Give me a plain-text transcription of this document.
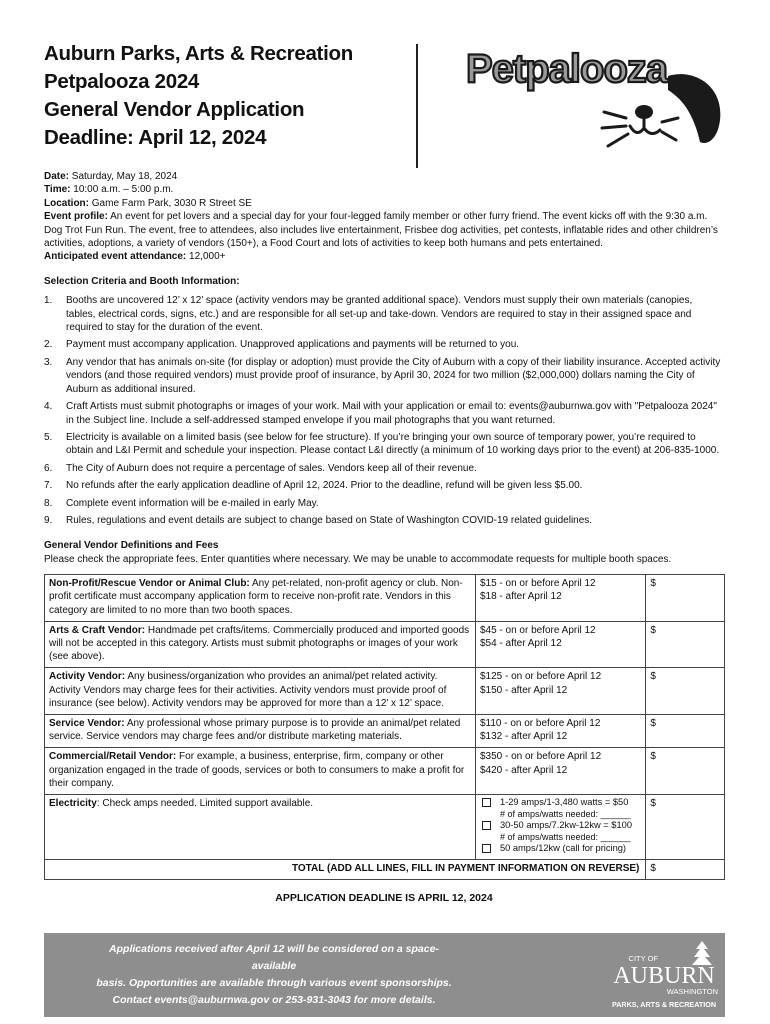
Auburn Parks, Arts & Recreation
Petpalooza 2024
General Vendor Application
Deadline: April 12, 2024
Petpalooza

Date: Saturday, May 18, 2024

Time: 10:00 a.m. – 5:00 p.m.

Location: Game Farm Park, 3030 R Street SE

Event profile: An event for pet lovers and a special day for your four-legged family member or other furry friend. The event kicks off with the 9:30 a.m. Dog Trot Fun Run. The event, free to attendees, also includes live entertainment, Frisbee dog activities, pet contests, inflatable rides and other children’s activities, adoptions, a variety of vendors (150+), a Food Court and lots of activities to keep both humans and pets entertained.

Anticipated event attendance: 12,000+

Selection Criteria and Booth Information:
1. Booths are uncovered 12’ x 12’ space (activity vendors may be granted additional space). Vendors must supply their own materials (canopies, tables, electrical cords, signs, etc.) and are responsible for all set-up and take-down. Vendors are required to stay in their assigned space and required to stay for the duration of the event.
2. Payment must accompany application. Unapproved applications and payments will be returned to you.
3. Any vendor that has animals on-site (for display or adoption) must provide the City of Auburn with a copy of their liability insurance. Accepted activity vendors (and those required vendors) must provide proof of insurance, by April 30, 2024 for two million ($2,000,000) dollars naming the City of Auburn as additional insured.
4. Craft Artists must submit photographs or images of your work. Mail with your application or email to: events@auburnwa.gov with "Petpalooza 2024" in the Subject line. Include a self-addressed stamped envelope if you mail photographs that you want returned.
5. Electricity is available on a limited basis (see below for fee structure). If you’re bringing your own source of temporary power, you’re required to obtain and L&I Permit and schedule your inspection. Please contact L&I directly (a minimum of 10 working days prior to the event) at 206-835-1000.
6. The City of Auburn does not require a percentage of sales. Vendors keep all of their revenue.
7. No refunds after the early application deadline of April 12, 2024. Prior to the deadline, refund will be given less $5.00.
8. Complete event information will be e-mailed in early May.
9. Rules, regulations and event details are subject to change based on State of Washington COVID-19 related guidelines.
General Vendor Definitions and Fees
Please check the appropriate fees. Enter quantities where necessary. We may be unable to accommodate requests for multiple booth spaces.
Non-Profit/Rescue Vendor or Animal Club: Any pet-related, non-profit agency or club. Non-profit certificate must accompany application form to receive non-profit rate. Vendors in this category are limited to no more than two booth spaces.	$15 - on or before April 12
$18 - after April 12	$
Arts & Craft Vendor: Handmade pet crafts/items. Commercially produced and imported goods will not be accepted in this category. Artists must submit photographs or images of your work (see above).	$45 - on or before April 12
$54 - after April 12	$
Activity Vendor: Any business/organization who provides an animal/pet related activity. Activity Vendors may charge fees for their activities. Activity vendors must provide proof of insurance (see below). Activity vendors may be approved for more than a 12’ x 12’ space.	$125 - on or before April 12
$150 - after April 12	$
Service Vendor: Any professional whose primary purpose is to provide an animal/pet related service. Service vendors may charge fees and/or distribute marketing materials.	$110 - on or before April 12
$132 - after April 12	$
Commercial/Retail Vendor: For example, a business, enterprise, firm, company or other organization engaged in the trade of goods, services or both to consumers to make a profit for their company.	$350 - on or before April 12
$420 - after April 12	$
Electricity: Check amps needed. Limited support available.	1-29 amps/1-3,480 watts = $50
# of amps/watts needed: ______
30-50 amps/7.2kw-12kw = $100
# of amps/watts needed: ______
50 amps/12kw (call for pricing)	$
TOTAL (ADD ALL LINES, FILL IN PAYMENT INFORMATION ON REVERSE)		$
APPLICATION DEADLINE IS APRIL 12, 2024
Applications received after April 12 will be considered on a space-available
basis. Opportunities are available through various event sponsorships.
Contact events@auburnwa.gov or 253-931-3043 for more details.
CITY OF
AUBURN
WASHINGTON
PARKS, ARTS & RECREATION
